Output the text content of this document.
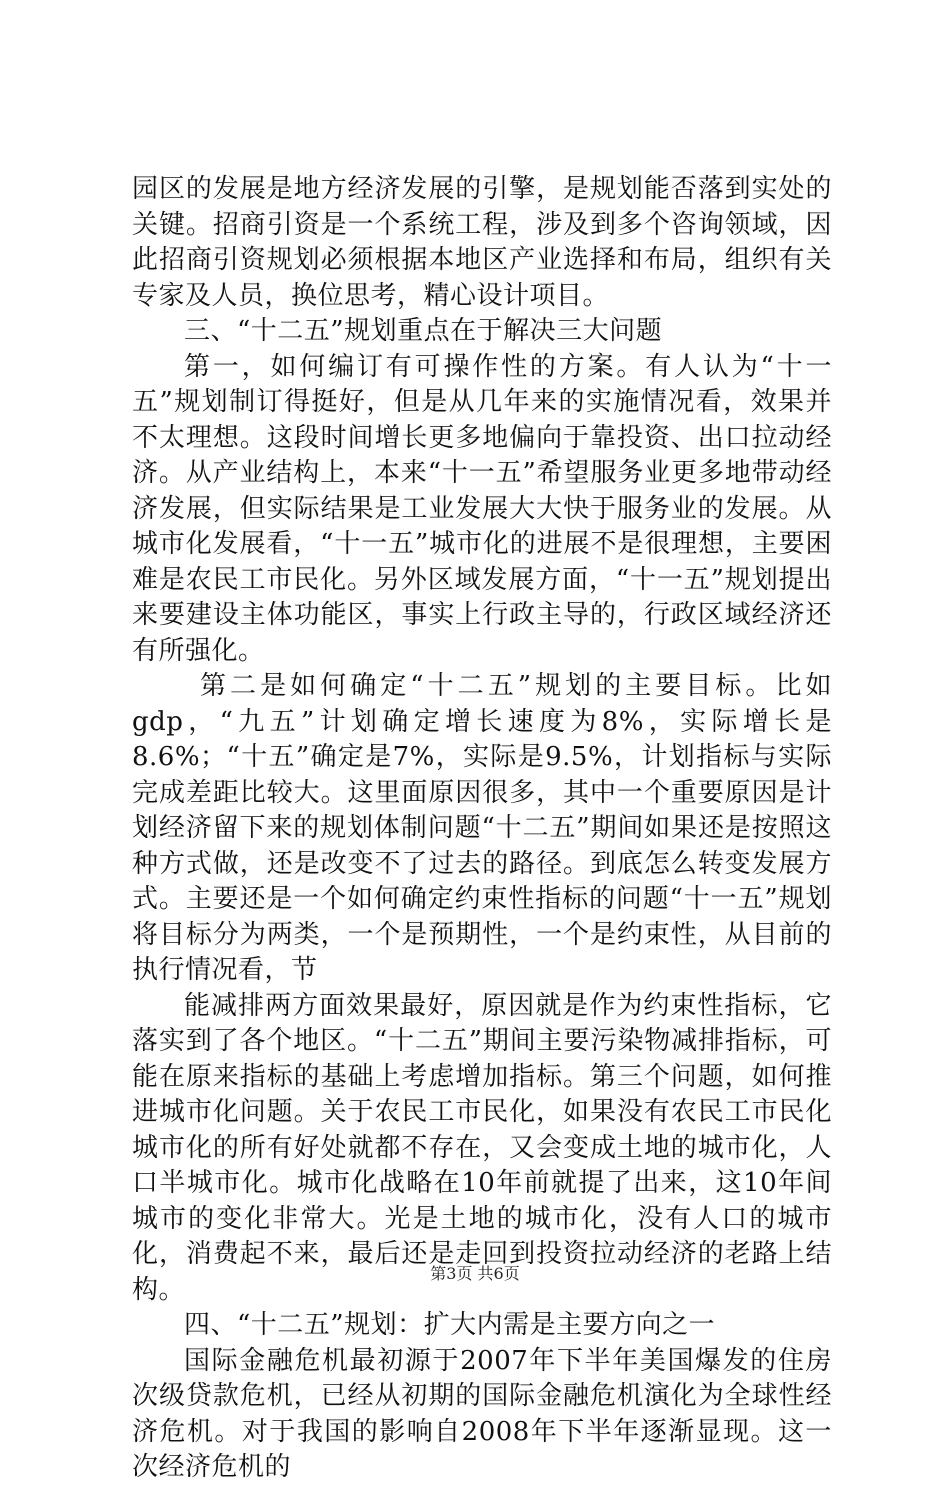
园区的发展是地方经济发展的引擎，是规划能否落到实处的关键。招商引资是一个系统工程，涉及到多个咨询领域，因此招商引资规划必须根据本地区产业选择和布局，组织有关专家及人员，换位思考，精心设计项目。

三、“十二五”规划重点在于解决三大问题

第一，如何编订有可操作性的方案。有人认为“十一五”规划制订得挺好，但是从几年来的实施情况看，效果并不太理想。这段时间增长更多地偏向于靠投资、出口拉动经济。从产业结构上，本来“十一五”希望服务业更多地带动经济发展，但实际结果是工业发展大大快于服务业的发展。从城市化发展看，“十一五”城市化的进展不是很理想，主要困难是农民工市民化。另外区域发展方面，“十一五”规划提出来要建设主体功能区，事实上行政主导的，行政区域经济还有所强化。

第二是如何确定“十二五”规划的主要目标。比如gdp，“九五”计划确定增长速度为8%，实际增长是8.6%；“十五”确定是7%，实际是9.5%，计划指标与实际完成差距比较大。这里面原因很多，其中一个重要原因是计划经济留下来的规划体制问题“十二五”期间如果还是按照这种方式做，还是改变不了过去的路径。到底怎么转变发展方式。主要还是一个如何确定约束性指标的问题“十一五”规划将目标分为两类，一个是预期性，一个是约束性，从目前的执行情况看，节

能减排两方面效果最好，原因就是作为约束性指标，它落实到了各个地区。“十二五”期间主要污染物减排指标，可能在原来指标的基础上考虑增加指标。第三个问题，如何推进城市化问题。关于农民工市民化，如果没有农民工市民化城市化的所有好处就都不存在，又会变成土地的城市化，人口半城市化。城市化战略在10年前就提了出来，这10年间城市的变化非常大。光是土地的城市化，没有人口的城市化，消费起不来，最后还是走回到投资拉动经济的老路上结构。

四、“十二五”规划：扩大内需是主要方向之一

国际金融危机最初源于2007年下半年美国爆发的住房次级贷款危机，已经从初期的国际金融危机演化为全球性经济危机。对于我国的影响自2008年下半年逐渐显现。这一次经济危机的

第3页 共6页
